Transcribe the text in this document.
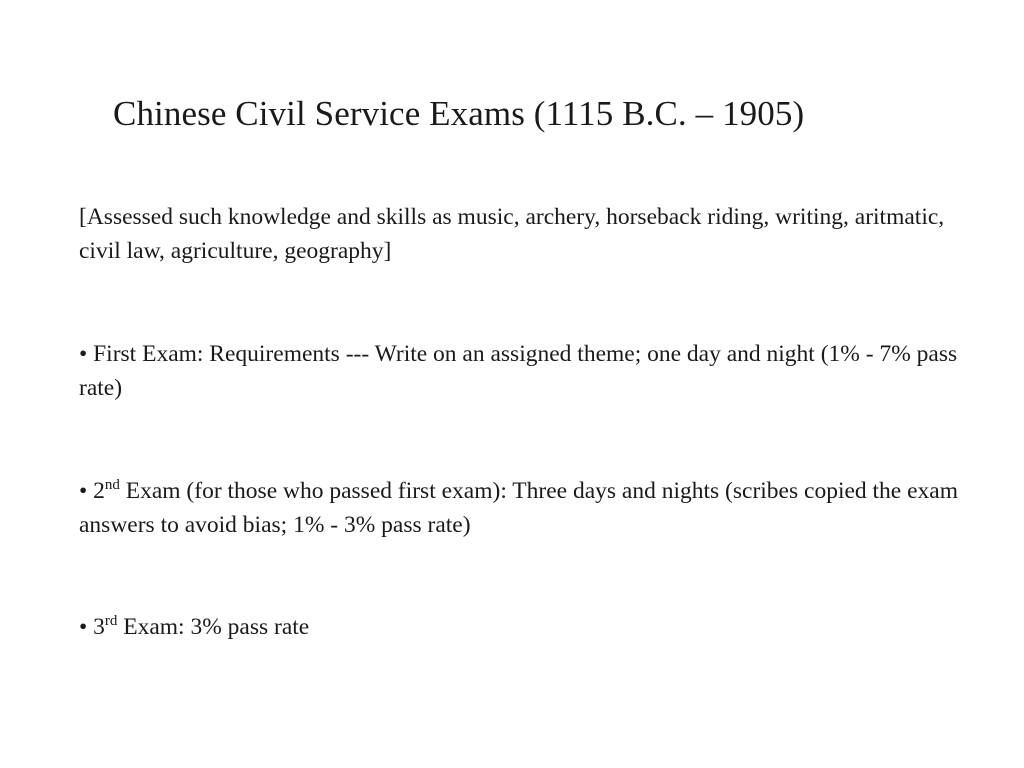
Chinese Civil Service Exams (1115 B.C. – 1905)
[Assessed such knowledge and skills as music, archery, horseback riding, writing, aritmatic, civil law, agriculture, geography]
• First Exam: Requirements --- Write on an assigned theme; one day and night (1% - 7% pass rate)
• 2nd Exam (for those who passed first exam): Three days and nights (scribes copied the exam answers to avoid bias; 1% - 3% pass rate)
• 3rd Exam: 3% pass rate
